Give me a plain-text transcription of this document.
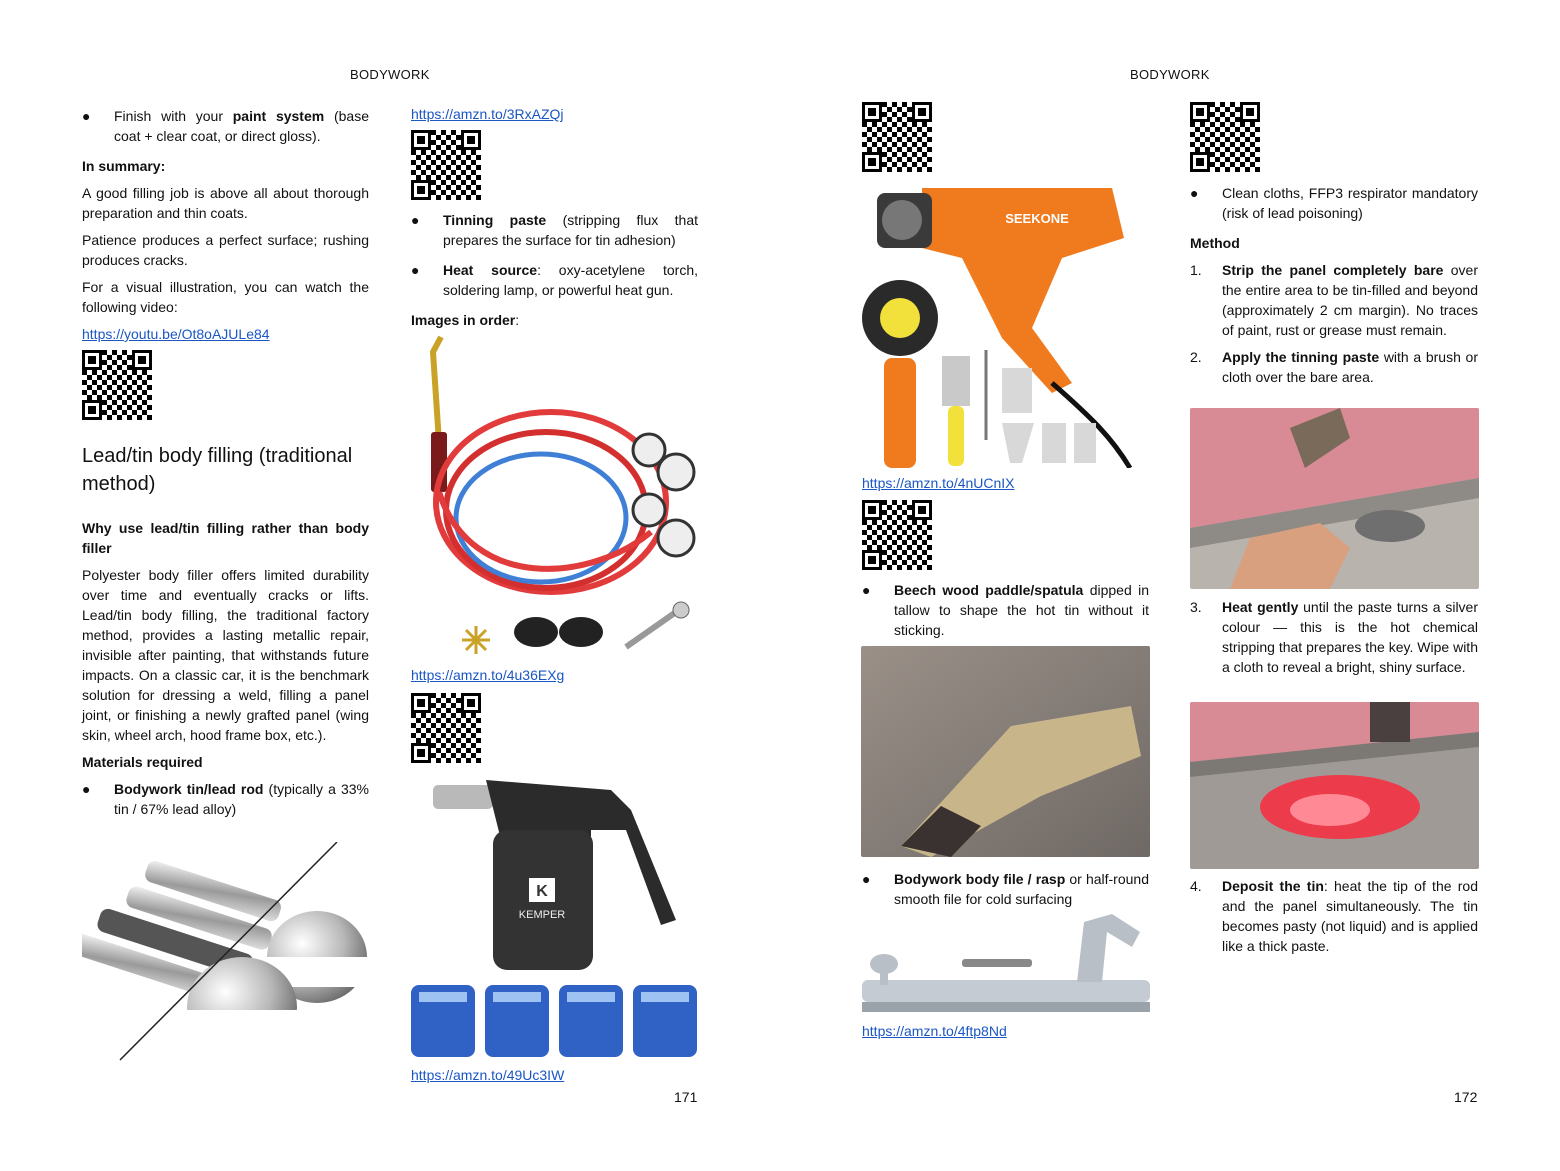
BODYWORK
171
● Finish with your paint system (base coat + clear coat, or direct gloss).

In summary:

A good filling job is above all about thorough preparation and thin coats.

Patience produces a perfect surface; rushing produces cracks.

For a visual illustration, you can watch the following video:

https://youtu.be/Ot8oAJULe84
Lead/tin body filling (traditional method)

Why use lead/tin filling rather than body filler

Polyester body filler offers limited durability over time and eventually cracks or lifts. Lead/tin body filling, the traditional factory method, provides a lasting metallic repair, invisible after painting, that withstands future impacts. On a classic car, it is the benchmark solution for dressing a weld, filling a panel joint, or finishing a newly grafted panel (wing skin, wheel arch, hood frame box, etc.).

Materials required

● Bodywork tin/lead rod (typically a 33% tin / 67% lead alloy)
https://amzn.to/3RxAZQj
● Tinning paste (stripping flux that prepares the surface for tin adhesion)
● Heat source: oxy-acetylene torch, soldering lamp, or powerful heat gun.

Images in order:

https://amzn.to/4u36EXg
K
KEMPER
https://amzn.to/49Uc3IW
BODYWORK
172
SEEKONE
https://amzn.to/4nUCnIX
● Beech wood paddle/spatula dipped in tallow to shape the hot tin without it sticking.
● Bodywork body file / rasp or half-round smooth file for cold surfacing
https://amzn.to/4ftp8Nd
● Clean cloths, FFP3 respirator mandatory (risk of lead poisoning)

Method

1. Strip the panel completely bare over the entire area to be tin-filled and beyond (approximately 2 cm margin). No traces of paint, rust or grease must remain.
2. Apply the tinning paste with a brush or cloth over the bare area.
3. Heat gently until the paste turns a silver colour — this is the hot chemical stripping that prepares the key. Wipe with a cloth to reveal a bright, shiny surface.
4. Deposit the tin: heat the tip of the rod and the panel simultaneously. The tin becomes pasty (not liquid) and is applied like a thick paste.
